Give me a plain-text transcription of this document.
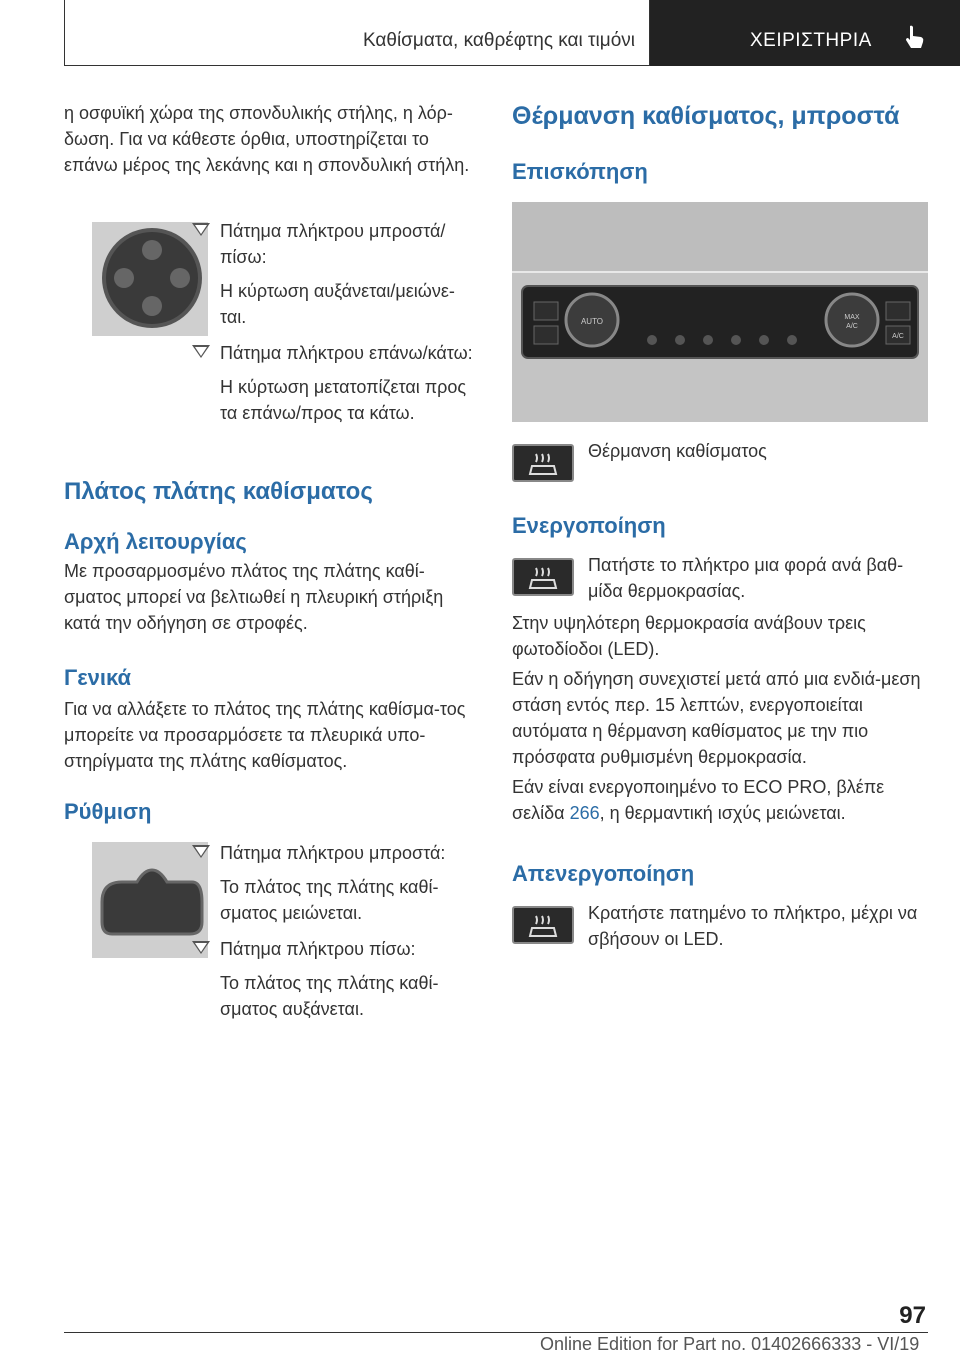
Καθίσματα, καθρέφτης και τιμόνι	ΧΕΙΡΙΣΤΗΡΙΑ

η οσφυϊκή χώρα της σπονδυλικής στήλης, η λόρ-δωση. Για να κάθεστε όρθια, υποστηρίζεται το επάνω μέρος της λεκάνης και η σπονδυλική στήλη.

Πάτημα πλήκτρου μπροστά/πίσω:

Η κύρτωση αυξάνεται/μειώνε-ται.

Πάτημα πλήκτρου επάνω/κάτω:

Η κύρτωση μετατοπίζεται προς τα επάνω/προς τα κάτω.

Πλάτος πλάτης καθίσματος
Αρχή λειτουργίας

Με προσαρμοσμένο πλάτος της πλάτης καθί-σματος μπορεί να βελτιωθεί η πλευρική στήριξη κατά την οδήγηση σε στροφές.

Γενικά

Για να αλλάξετε το πλάτος της πλάτης καθίσμα-τος μπορείτε να προσαρμόσετε τα πλευρικά υπο-στηρίγματα της πλάτης καθίσματος.

Ρύθμιση

Πάτημα πλήκτρου μπροστά:

Το πλάτος της πλάτης καθί-σματος μειώνεται.

Πάτημα πλήκτρου πίσω:

Το πλάτος της πλάτης καθί-σματος αυξάνεται.

Θέρμανση καθίσματος, μπροστά
Επισκόπηση
AUTO	MAX
A/C
A/C

Θέρμανση καθίσματος

Ενεργοποίηση

Πατήστε το πλήκτρο μια φορά ανά βαθ-μίδα θερμοκρασίας.

Στην υψηλότερη θερμοκρασία ανάβουν τρεις φωτοδίοδοι (LED).

Εάν η οδήγηση συνεχιστεί μετά από μια ενδιά-μεση στάση εντός περ. 15 λεπτών, ενεργοποιείται αυτόματα η θέρμανση καθίσματος με την πιο πρόσφατα ρυθμισμένη θερμοκρασία.

Εάν είναι ενεργοποιημένο το ECO PRO, βλέπε σελίδα 266, η θερμαντική ισχύς μειώνεται.

Απενεργοποίηση

Κρατήστε πατημένο το πλήκτρο, μέχρι να σβήσουν οι LED.

97
Online Edition for Part no. 01402666333 - VI/19
